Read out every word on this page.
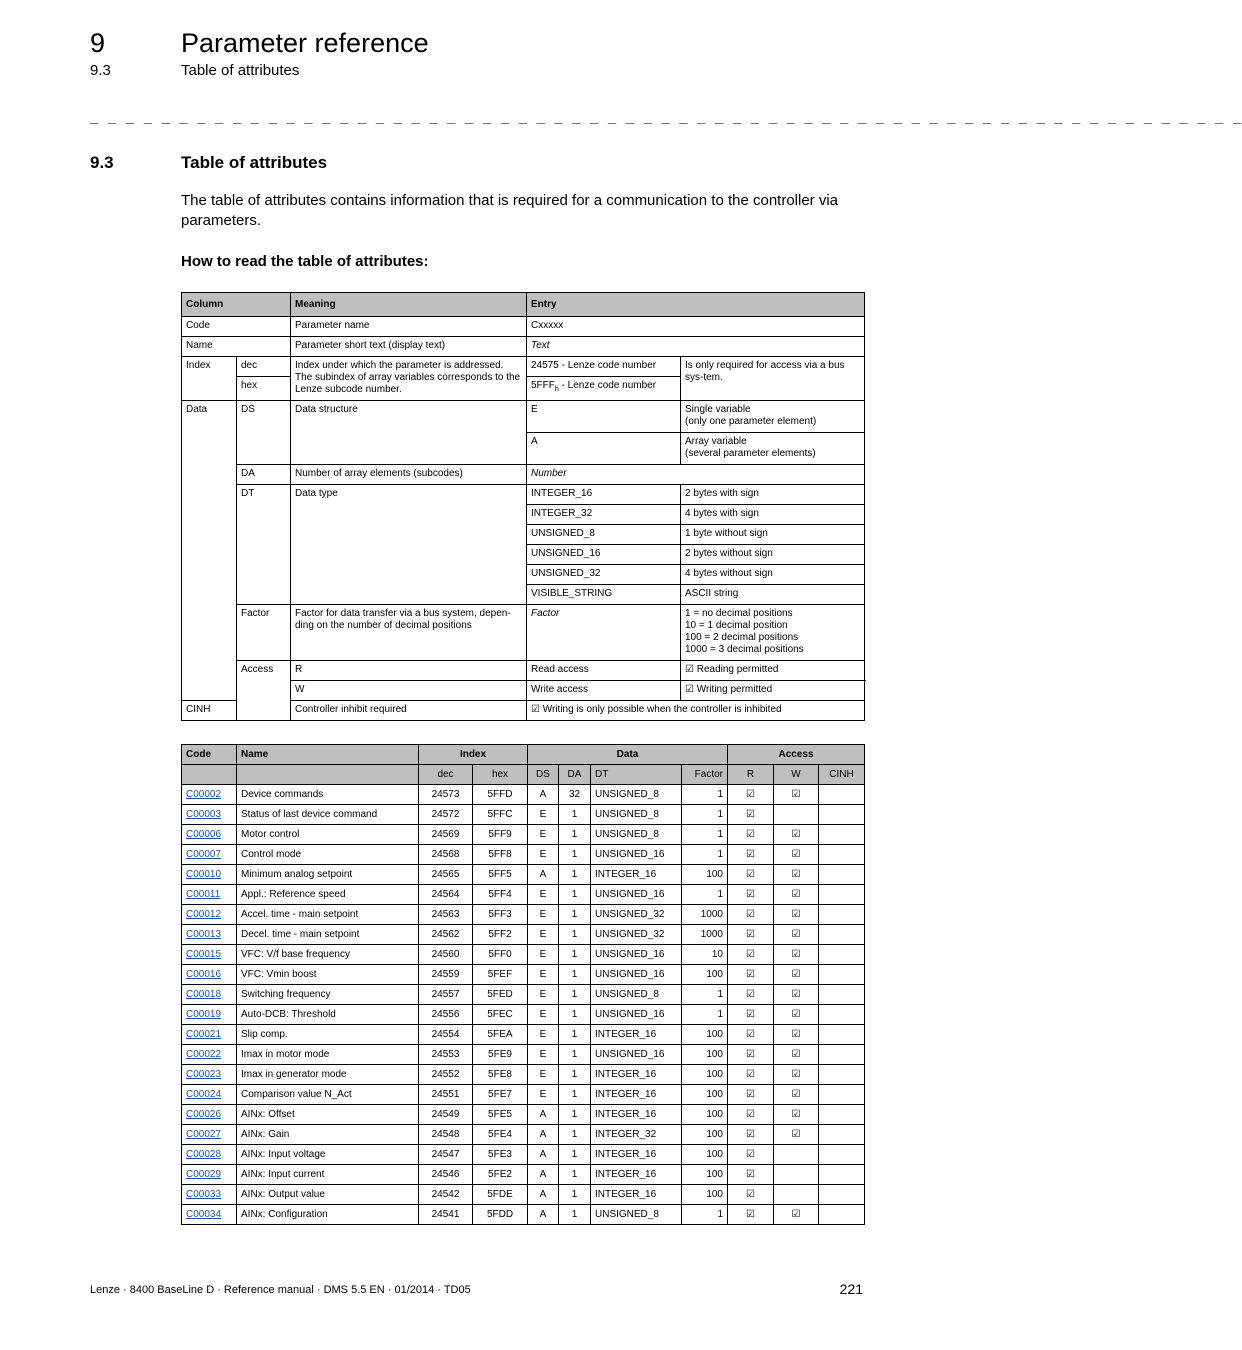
9	Parameter reference
9.3	Table of attributes
_ _ _ _ _ _ _ _ _ _ _ _ _ _ _ _ _ _ _ _ _ _ _ _ _ _ _ _ _ _ _ _ _ _ _ _ _ _ _ _ _ _ _ _ _ _ _ _ _ _ _ _ _ _ _ _ _ _ _ _ _ _ _ _ _
9.3	Table of attributes
The table of attributes contains information that is required for a communication to the controller via parameters.
How to read the table of attributes:
Column		Meaning	Entry	
Code		Parameter name	Cxxxxx	
Name		Parameter short text (display text)	Text	
Index	dec	Index under which the parameter is addressed. The subindex of array variables corresponds to the Lenze subcode number.	24575 - Lenze code number	Is only required for access via a bus sys-tem.
	hex		$5FFF_h$ - Lenze code number	
Data	DS	Data structure	E	Single variable
(only one parameter element)

			A	Array variable
(several parameter elements)

	DA	Number of array elements (subcodes)	Number	
	DT	Data type	INTEGER_16	2 bytes with sign
			INTEGER_32	4 bytes with sign
			UNSIGNED_8	1 byte without sign
			UNSIGNED_16	2 bytes without sign
			UNSIGNED_32	4 bytes without sign
			VISIBLE_STRING	ASCII string
	Factor	Factor for data transfer via a bus system, depen-ding on the number of decimal positions	Factor	1 = no decimal positions
10 = 1 decimal position
100 = 2 decimal positions
1000 = 3 decimal positions

	Access	R	Read access	☑ Reading permitted
		W	Write access	☑ Writing permitted
CINH		Controller inhibit required	☑ Writing is only possible when the controller is inhibited	
Code	Name	Index		Data				Access		
		dec	hex	DS	DA	DT	Factor	R	W	CINH
C00002	Device commands	24573	5FFD	A	32	UNSIGNED_8	1	☑	☑	
C00003	Status of last device command	24572	5FFC	E	1	UNSIGNED_8	1	☑		
C00006	Motor control	24569	5FF9	E	1	UNSIGNED_8	1	☑	☑	
C00007	Control mode	24568	5FF8	E	1	UNSIGNED_16	1	☑	☑	
C00010	Minimum analog setpoint	24565	5FF5	A	1	INTEGER_16	100	☑	☑	
C00011	Appl.: Reference speed	24564	5FF4	E	1	UNSIGNED_16	1	☑	☑	
C00012	Accel. time - main setpoint	24563	5FF3	E	1	UNSIGNED_32	1000	☑	☑	
C00013	Decel. time - main setpoint	24562	5FF2	E	1	UNSIGNED_32	1000	☑	☑	
C00015	VFC: V/f base frequency	24560	5FF0	E	1	UNSIGNED_16	10	☑	☑	
C00016	VFC: Vmin boost	24559	5FEF	E	1	UNSIGNED_16	100	☑	☑	
C00018	Switching frequency	24557	5FED	E	1	UNSIGNED_8	1	☑	☑	
C00019	Auto-DCB: Threshold	24556	5FEC	E	1	UNSIGNED_16	1	☑	☑	
C00021	Slip comp.	24554	5FEA	E	1	INTEGER_16	100	☑	☑	
C00022	Imax in motor mode	24553	5FE9	E	1	UNSIGNED_16	100	☑	☑	
C00023	Imax in generator mode	24552	5FE8	E	1	INTEGER_16	100	☑	☑	
C00024	Comparison value N_Act	24551	5FE7	E	1	INTEGER_16	100	☑	☑	
C00026	AINx: Offset	24549	5FE5	A	1	INTEGER_16	100	☑	☑	
C00027	AINx: Gain	24548	5FE4	A	1	INTEGER_32	100	☑	☑	
C00028	AINx: Input voltage	24547	5FE3	A	1	INTEGER_16	100	☑		
C00029	AINx: Input current	24546	5FE2	A	1	INTEGER_16	100	☑		
C00033	AINx: Output value	24542	5FDE	A	1	INTEGER_16	100	☑		
C00034	AINx: Configuration	24541	5FDD	A	1	UNSIGNED_8	1	☑	☑	
Lenze · 8400 BaseLine D · Reference manual · DMS 5.5 EN · 01/2014 · TD05	221
